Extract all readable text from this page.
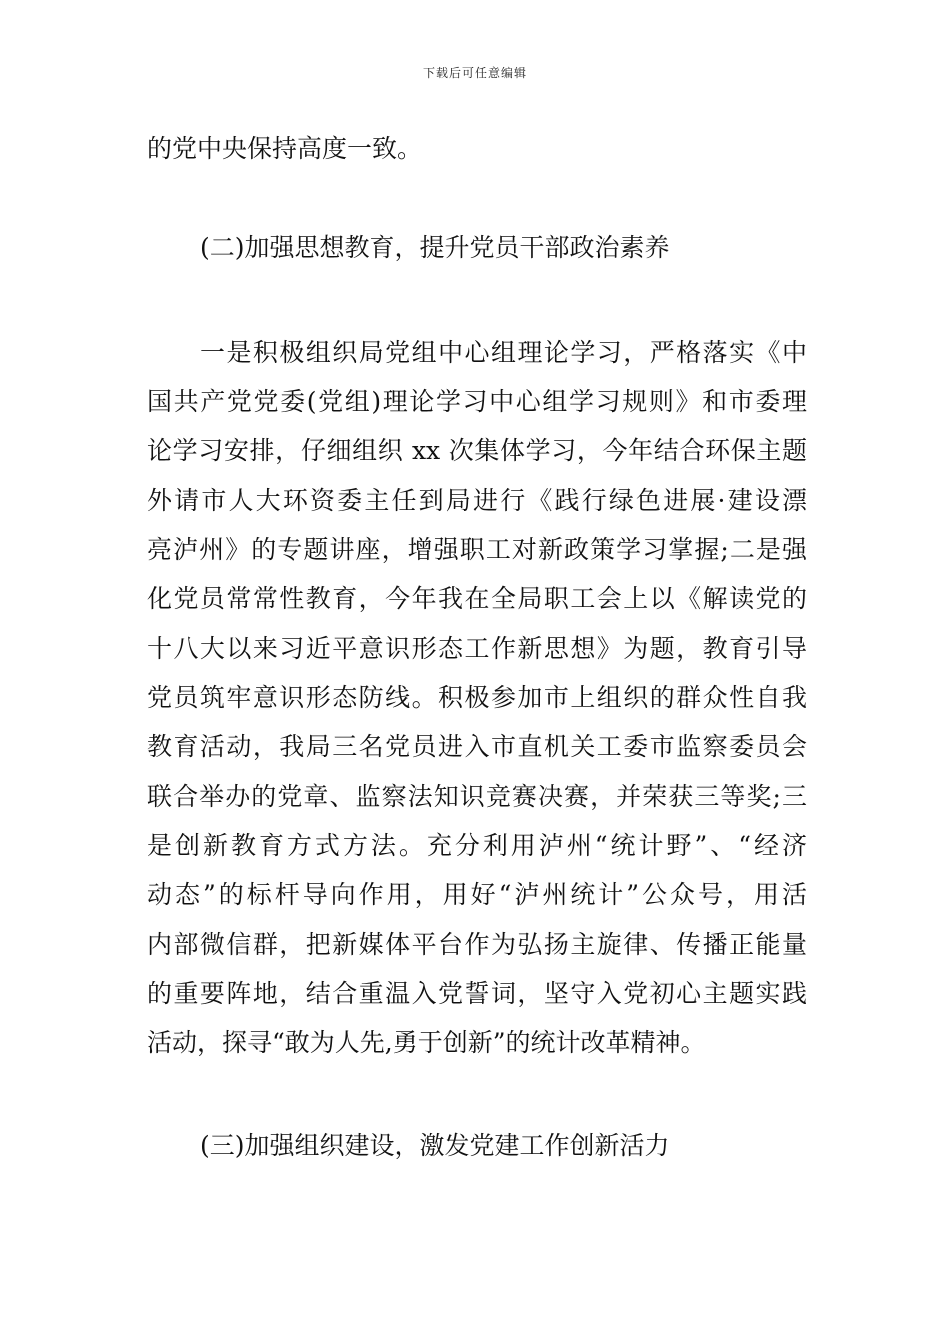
下载后可任意编辑
的党中央保持高度一致。
(二)加强思想教育，提升党员干部政治素养
一是积极组织局党组中心组理论学习，严格落实《中
国共产党党委(党组)理论学习中心组学习规则》和市委理
论学习安排，仔细组织 xx 次集体学习，今年结合环保主题
外请市人大环资委主任到局进行《践行绿色进展·建设漂
亮泸州》的专题讲座，增强职工对新政策学习掌握;二是强
化党员常常性教育，今年我在全局职工会上以《解读党的
十八大以来习近平意识形态工作新思想》为题，教育引导
党员筑牢意识形态防线。积极参加市上组织的群众性自我
教育活动，我局三名党员进入市直机关工委市监察委员会
联合举办的党章、监察法知识竞赛决赛，并荣获三等奖;三
是创新教育方式方法。充分利用泸州“统计野”、“经济
动态”的标杆导向作用，用好“泸州统计”公众号，用活
内部微信群，把新媒体平台作为弘扬主旋律、传播正能量
的重要阵地，结合重温入党誓词，坚守入党初心主题实践
活动，探寻“敢为人先,勇于创新”的统计改革精神。
(三)加强组织建设，激发党建工作创新活力
